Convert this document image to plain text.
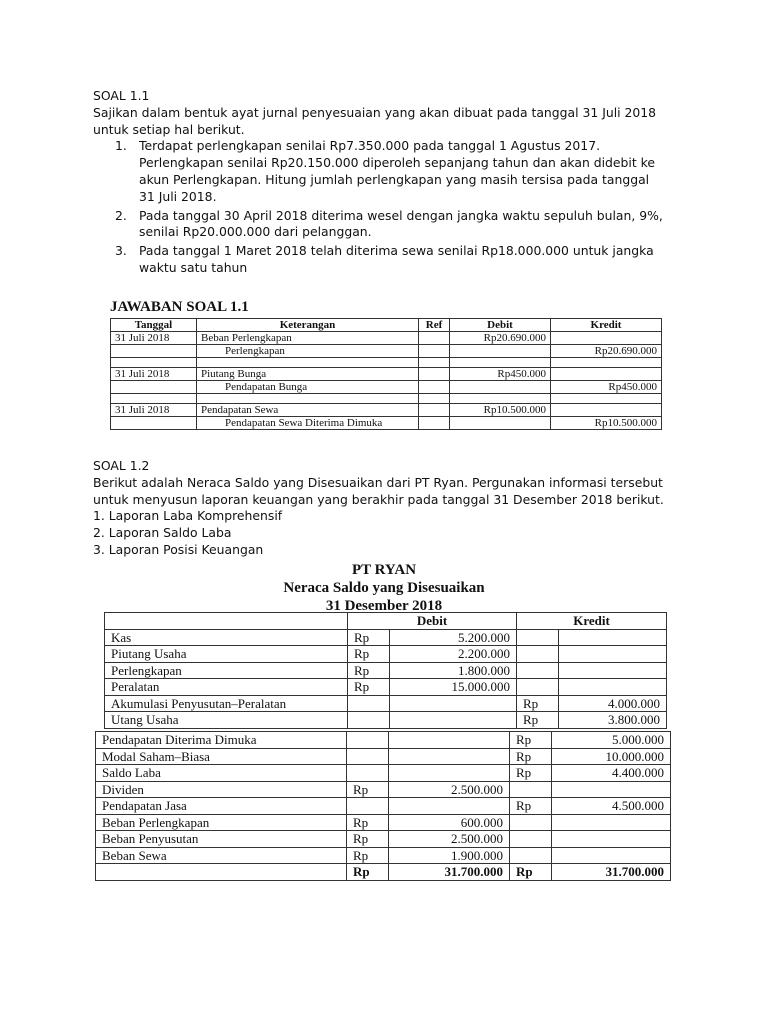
SOAL 1.1
Sajikan dalam bentuk ayat jurnal penyesuaian yang akan dibuat pada tanggal 31 Juli 2018 untuk setiap hal berikut.
1. Terdapat perlengkapan senilai Rp7.350.000 pada tanggal 1 Agustus 2017. Perlengkapan senilai Rp20.150.000 diperoleh sepanjang tahun dan akan didebit ke akun Perlengkapan. Hitung jumlah perlengkapan yang masih tersisa pada tanggal 31 Juli 2018.
2. Pada tanggal 30 April 2018 diterima wesel dengan jangka waktu sepuluh bulan, 9%, senilai Rp20.000.000 dari pelanggan.
3. Pada tanggal 1 Maret 2018 telah diterima sewa senilai Rp18.000.000 untuk jangka waktu satu tahun
JAWABAN SOAL 1.1
Tanggal	Keterangan	Ref	Debit	Kredit
31 Juli 2018	Beban Perlengkapan		Rp20.690.000	
	Perlengkapan			Rp20.690.000

31 Juli 2018	Piutang Bunga		Rp450.000	
	Pendapatan Bunga			Rp450.000

31 Juli 2018	Pendapatan Sewa		Rp10.500.000	
	Pendapatan Sewa Diterima Dimuka			Rp10.500.000
SOAL 1.2
Berikut adalah Neraca Saldo yang Disesuaikan dari PT Ryan. Pergunakan informasi tersebut untuk menyusun laporan keuangan yang berakhir pada tanggal 31 Desember 2018 berikut.
1. Laporan Laba Komprehensif
2. Laporan Saldo Laba
3. Laporan Posisi Keuangan
PT RYAN
Neraca Saldo yang Disesuaikan
31 Desember 2018
	Debit		Kredit	
Kas	Rp	5.200.000		
Piutang Usaha	Rp	2.200.000		
Perlengkapan	Rp	1.800.000		
Peralatan	Rp	15.000.000		
Akumulasi Penyusutan–Peralatan			Rp	4.000.000
Utang Usaha			Rp	3.800.000
Pendapatan Diterima Dimuka			Rp	5.000.000
Modal Saham–Biasa			Rp	10.000.000
Saldo Laba			Rp	4.400.000
Dividen	Rp	2.500.000		
Pendapatan Jasa			Rp	4.500.000
Beban Perlengkapan	Rp	600.000		
Beban Penyusutan	Rp	2.500.000		
Beban Sewa	Rp	1.900.000		
	Rp	31.700.000	Rp	31.700.000
